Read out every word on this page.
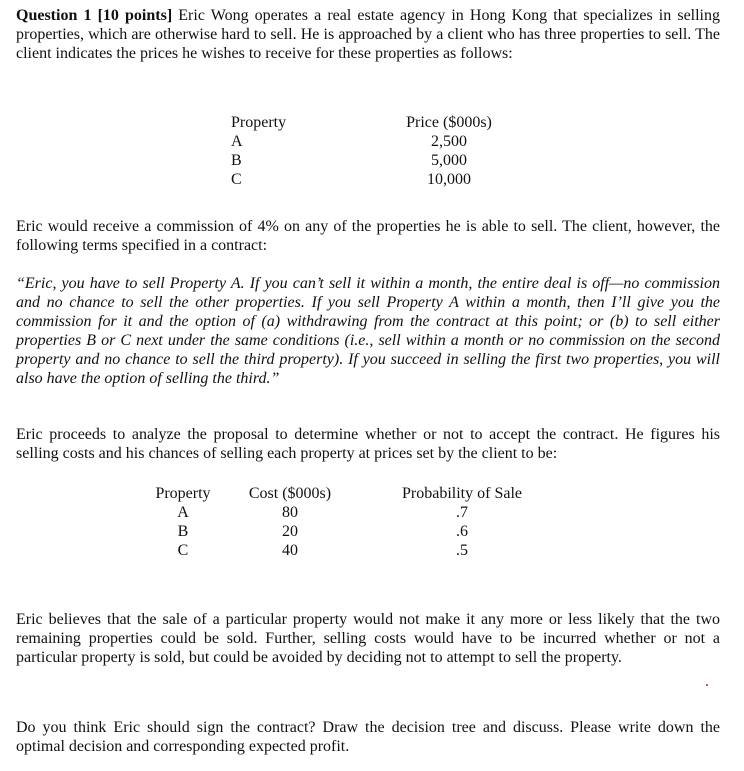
Question 1 [10 points] Eric Wong operates a real estate agency in Hong Kong that specializes in selling properties, which are otherwise hard to sell. He is approached by a client who has three properties to sell. The client indicates the prices he wishes to receive for these properties as follows:

Property
A
B
C
Price ($000s)
2,500
5,000
10,000

Eric would receive a commission of 4% on any of the properties he is able to sell. The client, however, the following terms specified in a contract:

“Eric, you have to sell Property A. If you can’t sell it within a month, the entire deal is off—no commission and no chance to sell the other properties. If you sell Property A within a month, then I’ll give you the commission for it and the option of (a) withdrawing from the contract at this point; or (b) to sell either properties B or C next under the same conditions (i.e., sell within a month or no commission on the second property and no chance to sell the third property). If you succeed in selling the first two properties, you will also have the option of selling the third.”

Eric proceeds to analyze the proposal to determine whether or not to accept the contract. He figures his selling costs and his chances of selling each property at prices set by the client to be:

Property
A
B
C
Cost ($000s)
80
20
40
Probability of Sale
.7
.6
.5

Eric believes that the sale of a particular property would not make it any more or less likely that the two remaining properties could be sold. Further, selling costs would have to be incurred whether or not a particular property is sold, but could be avoided by deciding not to attempt to sell the property.

Do you think Eric should sign the contract? Draw the decision tree and discuss. Please write down the optimal decision and corresponding expected profit.
